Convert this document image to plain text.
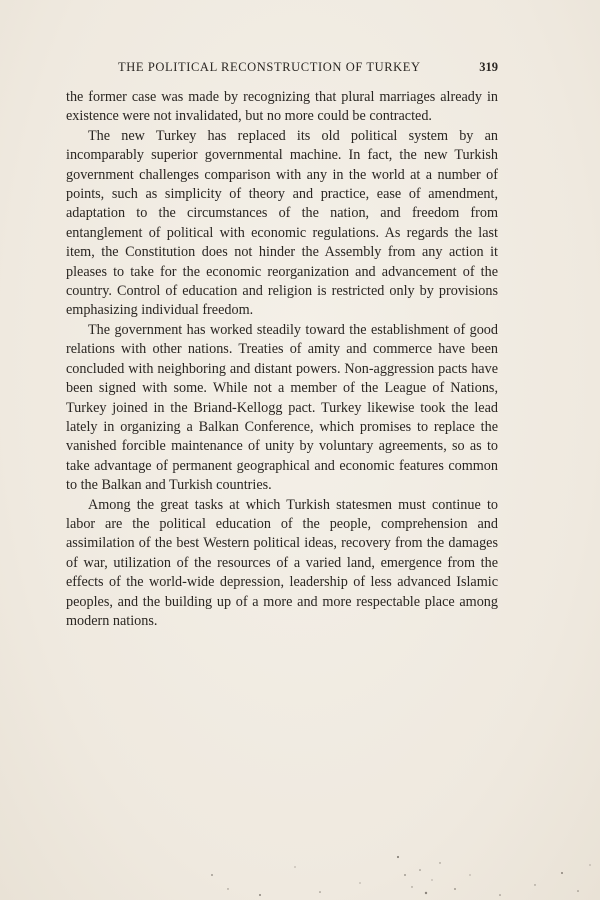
THE POLITICAL RECONSTRUCTION OF TURKEY	319

the former case was made by recognizing that plural marriages already in existence were not invalidated, but no more could be contracted.

The new Turkey has replaced its old political system by an incomparably superior governmental machine. In fact, the new Turkish government challenges comparison with any in the world at a number of points, such as simplicity of theory and practice, ease of amendment, adaptation to the circumstances of the nation, and freedom from entanglement of political with economic regulations. As regards the last item, the Constitution does not hinder the Assembly from any action it pleases to take for the economic reorganization and advancement of the country. Control of education and religion is restricted only by provisions emphasizing individual freedom.

The government has worked steadily toward the establishment of good relations with other nations. Treaties of amity and commerce have been concluded with neighboring and distant powers. Non-aggression pacts have been signed with some. While not a member of the League of Nations, Turkey joined in the Briand-Kellogg pact. Turkey likewise took the lead lately in organizing a Balkan Conference, which promises to replace the vanished forcible maintenance of unity by voluntary agreements, so as to take advantage of permanent geographical and economic features common to the Balkan and Turkish countries.

Among the great tasks at which Turkish statesmen must continue to labor are the political education of the people, comprehension and assimilation of the best Western political ideas, recovery from the damages of war, utilization of the resources of a varied land, emergence from the effects of the world-wide depression, leadership of less advanced Islamic peoples, and the building up of a more and more respectable place among modern nations.
